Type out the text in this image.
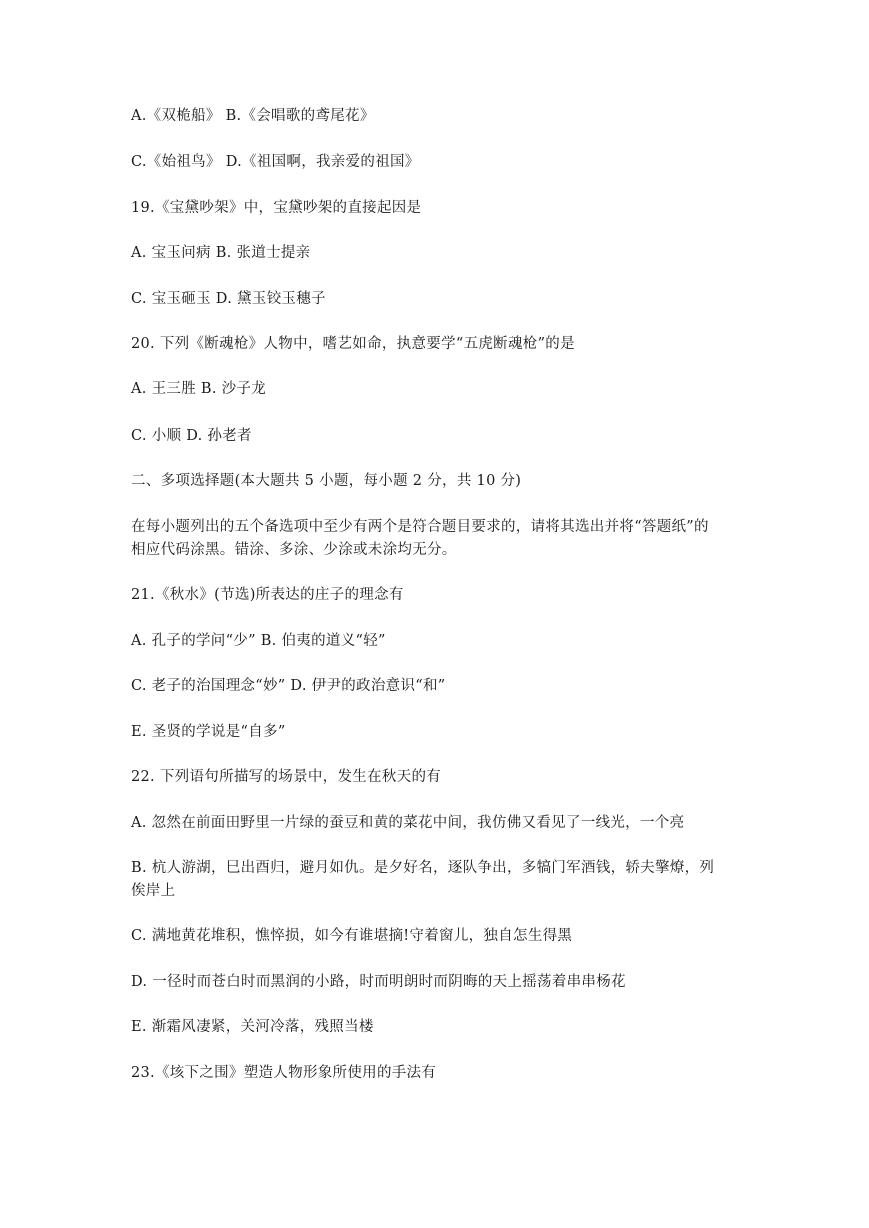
A.《双桅船》 B.《会唱歌的鸢尾花》
C.《始祖鸟》 D.《祖国啊，我亲爱的祖国》
19.《宝黛吵架》中，宝黛吵架的直接起因是
A. 宝玉问病 B. 张道士提亲
C. 宝玉砸玉 D. 黛玉铰玉穗子
20. 下列《断魂枪》人物中，嗜艺如命，执意要学“五虎断魂枪”的是
A. 王三胜 B. 沙子龙
C. 小顺 D. 孙老者
二、多项选择题(本大题共 5 小题，每小题 2 分，共 10 分)
在每小题列出的五个备选项中至少有两个是符合题目要求的，请将其选出并将“答题纸”的
相应代码涂黑。错涂、多涂、少涂或未涂均无分。
21.《秋水》(节选)所表达的庄子的理念有
A. 孔子的学问“少” B. 伯夷的道义“轻”
C. 老子的治国理念“妙” D. 伊尹的政治意识“和”
E. 圣贤的学说是“自多”
22. 下列语句所描写的场景中，发生在秋天的有
A. 忽然在前面田野里一片绿的蚕豆和黄的菜花中间，我仿佛又看见了一线光，一个亮
B. 杭人游湖，巳出酉归，避月如仇。是夕好名，逐队争出，多犒门军酒钱，轿夫擎燎，列
俟岸上
C. 满地黄花堆积，憔悴损，如今有谁堪摘!守着窗儿，独自怎生得黑
D. 一径时而苍白时而黑润的小路，时而明朗时而阴晦的天上摇荡着串串杨花
E. 渐霜风凄紧，关河冷落，残照当楼
23.《垓下之围》塑造人物形象所使用的手法有
